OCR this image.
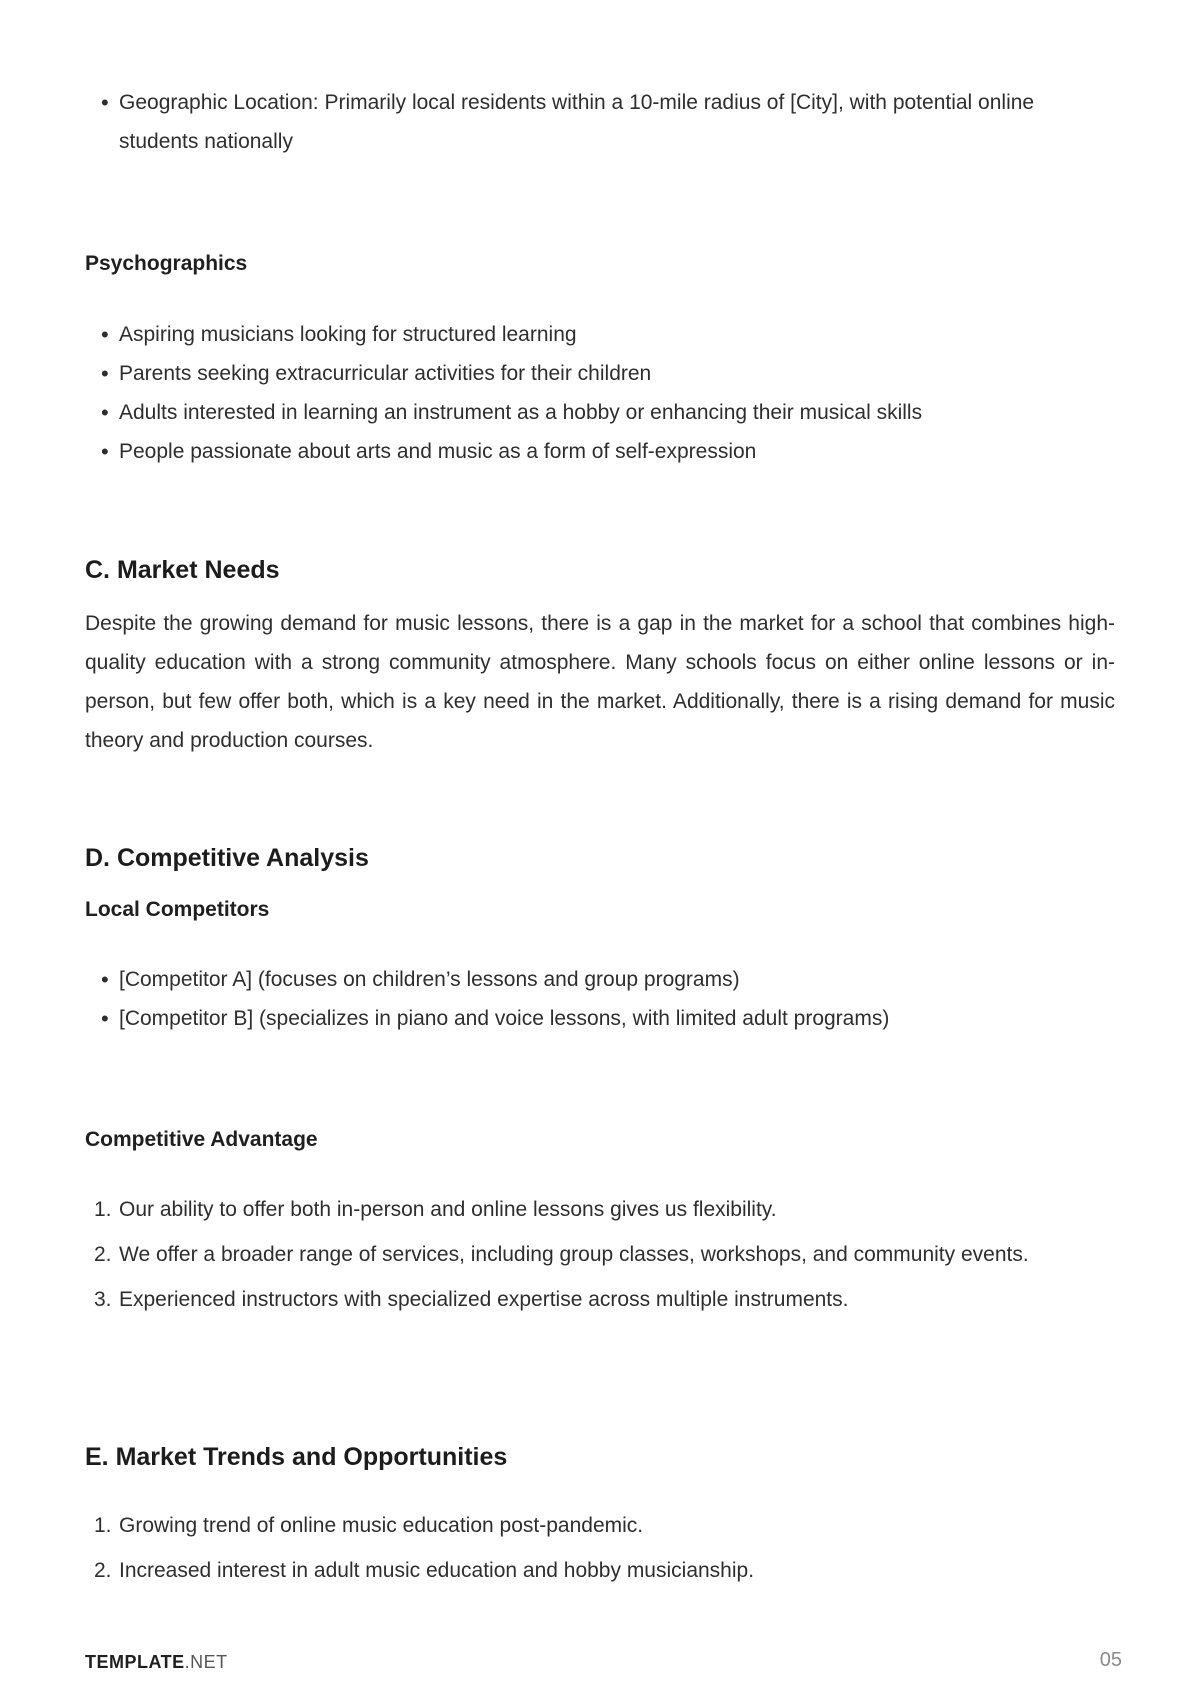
• Geographic Location: Primarily local residents within a 10-mile radius of [City], with potential online students nationally
Psychographics
• Aspiring musicians looking for structured learning
• Parents seeking extracurricular activities for their children
• Adults interested in learning an instrument as a hobby or enhancing their musical skills
• People passionate about arts and music as a form of self-expression
C. Market Needs

Despite the growing demand for music lessons, there is a gap in the market for a school that combines high-quality education with a strong community atmosphere. Many schools focus on either online lessons or in-person, but few offer both, which is a key need in the market. Additionally, there is a rising demand for music theory and production courses.

D. Competitive Analysis
Local Competitors
• [Competitor A] (focuses on children’s lessons and group programs)
• [Competitor B] (specializes in piano and voice lessons, with limited adult programs)
Competitive Advantage
1. Our ability to offer both in-person and online lessons gives us flexibility.
2. We offer a broader range of services, including group classes, workshops, and community events.
3. Experienced instructors with specialized expertise across multiple instruments.
E. Market Trends and Opportunities
1. Growing trend of online music education post-pandemic.
2. Increased interest in adult music education and hobby musicianship.
TEMPLATE.NET	05
